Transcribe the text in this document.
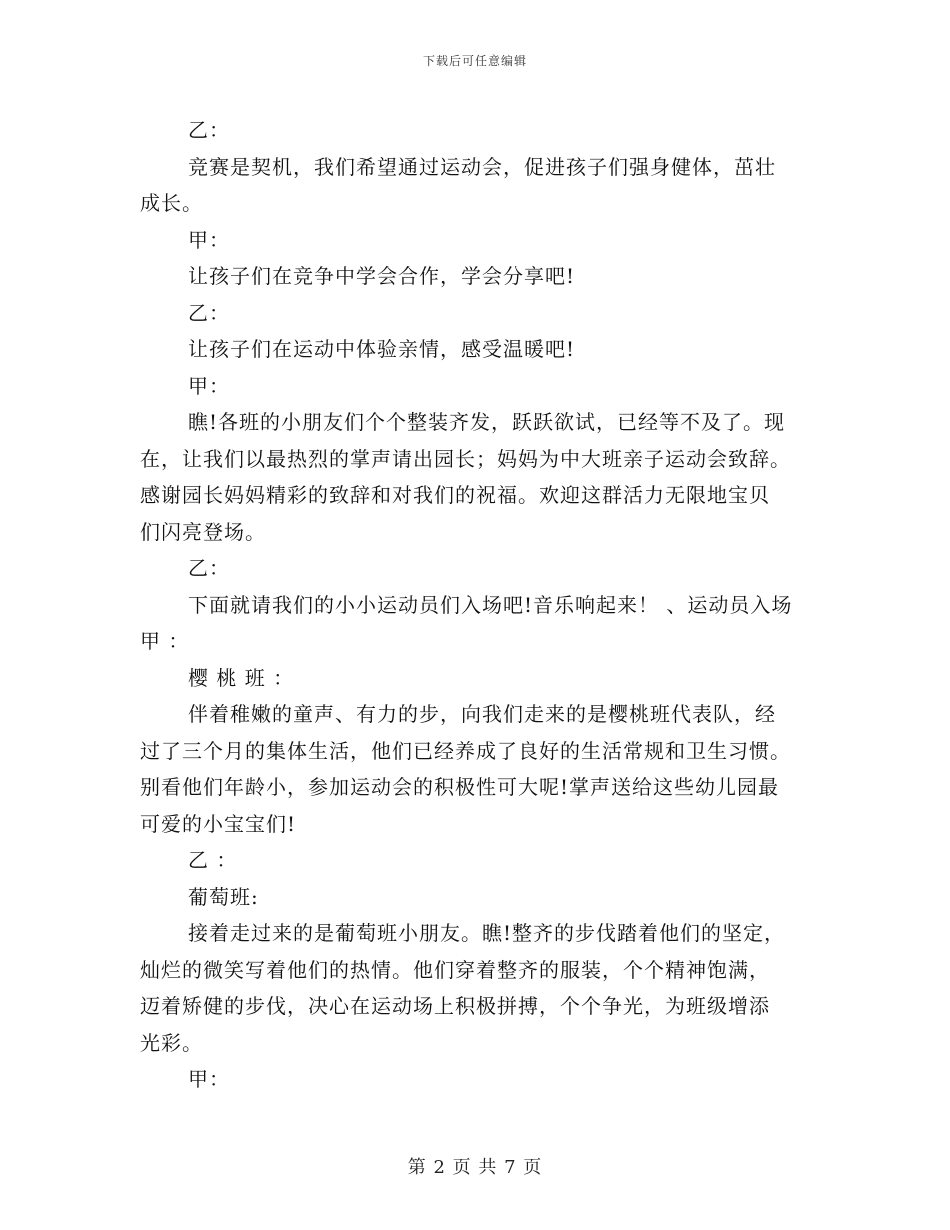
下载后可任意编辑
乙：
竞赛是契机，我们希望通过运动会，促进孩子们强身健体，茁壮
成长。
甲：
让孩子们在竞争中学会合作，学会分享吧!
乙：
让孩子们在运动中体验亲情，感受温暖吧!
甲：
瞧!各班的小朋友们个个整装齐发，跃跃欲试，已经等不及了。现
在，让我们以最热烈的掌声请出园长；妈妈为中大班亲子运动会致辞。
感谢园长妈妈精彩的致辞和对我们的祝福。欢迎这群活力无限地宝贝
们闪亮登场。
乙：
下面就请我们的小小运动员们入场吧!音乐响起来！ 、运动员入场
甲 ：
樱 桃 班 ：
伴着稚嫩的童声、有力的步，向我们走来的是樱桃班代表队，经
过了三个月的集体生活，他们已经养成了良好的生活常规和卫生习惯。
别看他们年龄小，参加运动会的积极性可大呢!掌声送给这些幼儿园最
可爱的小宝宝们!
乙 ：
葡萄班:
接着走过来的是葡萄班小朋友。瞧!整齐的步伐踏着他们的坚定，
灿烂的微笑写着他们的热情。他们穿着整齐的服装，个个精神饱满，
迈着矫健的步伐，决心在运动场上积极拼搏，个个争光，为班级增添
光彩。
甲：
第 2 页 共 7 页
